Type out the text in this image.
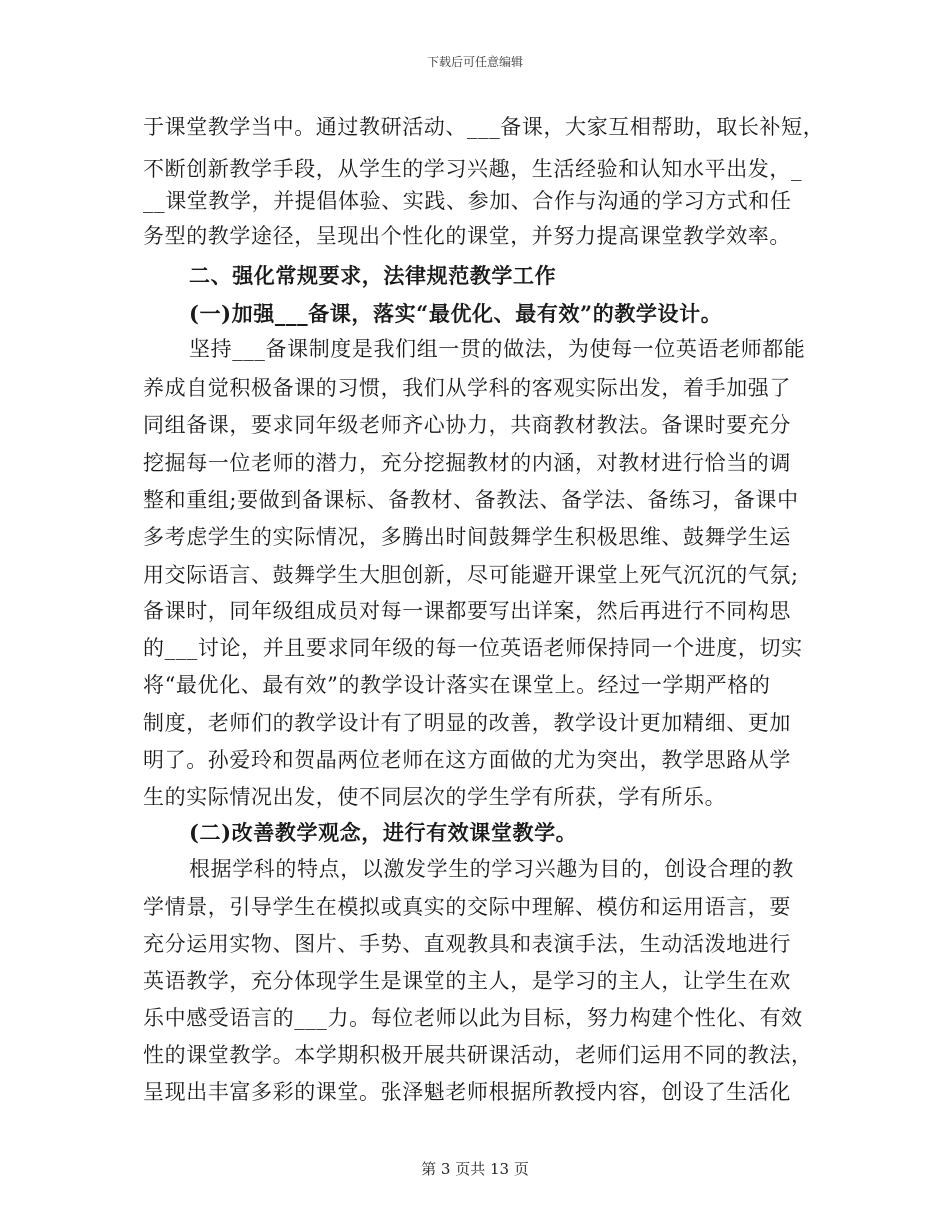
下载后可任意编辑
于课堂教学当中。通过教研活动、___备课，大家互相帮助，取长补短，
不断创新教学手段，从学生的学习兴趣，生活经验和认知水平出发，_
__课堂教学，并提倡体验、实践、参加、合作与沟通的学习方式和任
务型的教学途径，呈现出个性化的课堂，并努力提高课堂教学效率。
二、强化常规要求，法律规范教学工作
(一)加强___备课，落实“最优化、最有效”的教学设计。
坚持___备课制度是我们组一贯的做法，为使每一位英语老师都能
养成自觉积极备课的习惯，我们从学科的客观实际出发，着手加强了
同组备课，要求同年级老师齐心协力，共商教材教法。备课时要充分
挖掘每一位老师的潜力，充分挖掘教材的内涵，对教材进行恰当的调
整和重组;要做到备课标、备教材、备教法、备学法、备练习，备课中
多考虑学生的实际情况，多腾出时间鼓舞学生积极思维、鼓舞学生运
用交际语言、鼓舞学生大胆创新，尽可能避开课堂上死气沉沉的气氛;
备课时，同年级组成员对每一课都要写出详案，然后再进行不同构思
的___讨论，并且要求同年级的每一位英语老师保持同一个进度，切实
将“最优化、最有效”的教学设计落实在课堂上。经过一学期严格的
制度，老师们的教学设计有了明显的改善，教学设计更加精细、更加
明了。孙爱玲和贺晶两位老师在这方面做的尤为突出，教学思路从学
生的实际情况出发，使不同层次的学生学有所获，学有所乐。
(二)改善教学观念，进行有效课堂教学。
根据学科的特点，以激发学生的学习兴趣为目的，创设合理的教
学情景，引导学生在模拟或真实的交际中理解、模仿和运用语言，要
充分运用实物、图片、手势、直观教具和表演手法，生动活泼地进行
英语教学，充分体现学生是课堂的主人，是学习的主人，让学生在欢
乐中感受语言的___力。每位老师以此为目标，努力构建个性化、有效
性的课堂教学。本学期积极开展共研课活动，老师们运用不同的教法，
呈现出丰富多彩的课堂。张泽魁老师根据所教授内容，创设了生活化
第 3 页共 13 页
